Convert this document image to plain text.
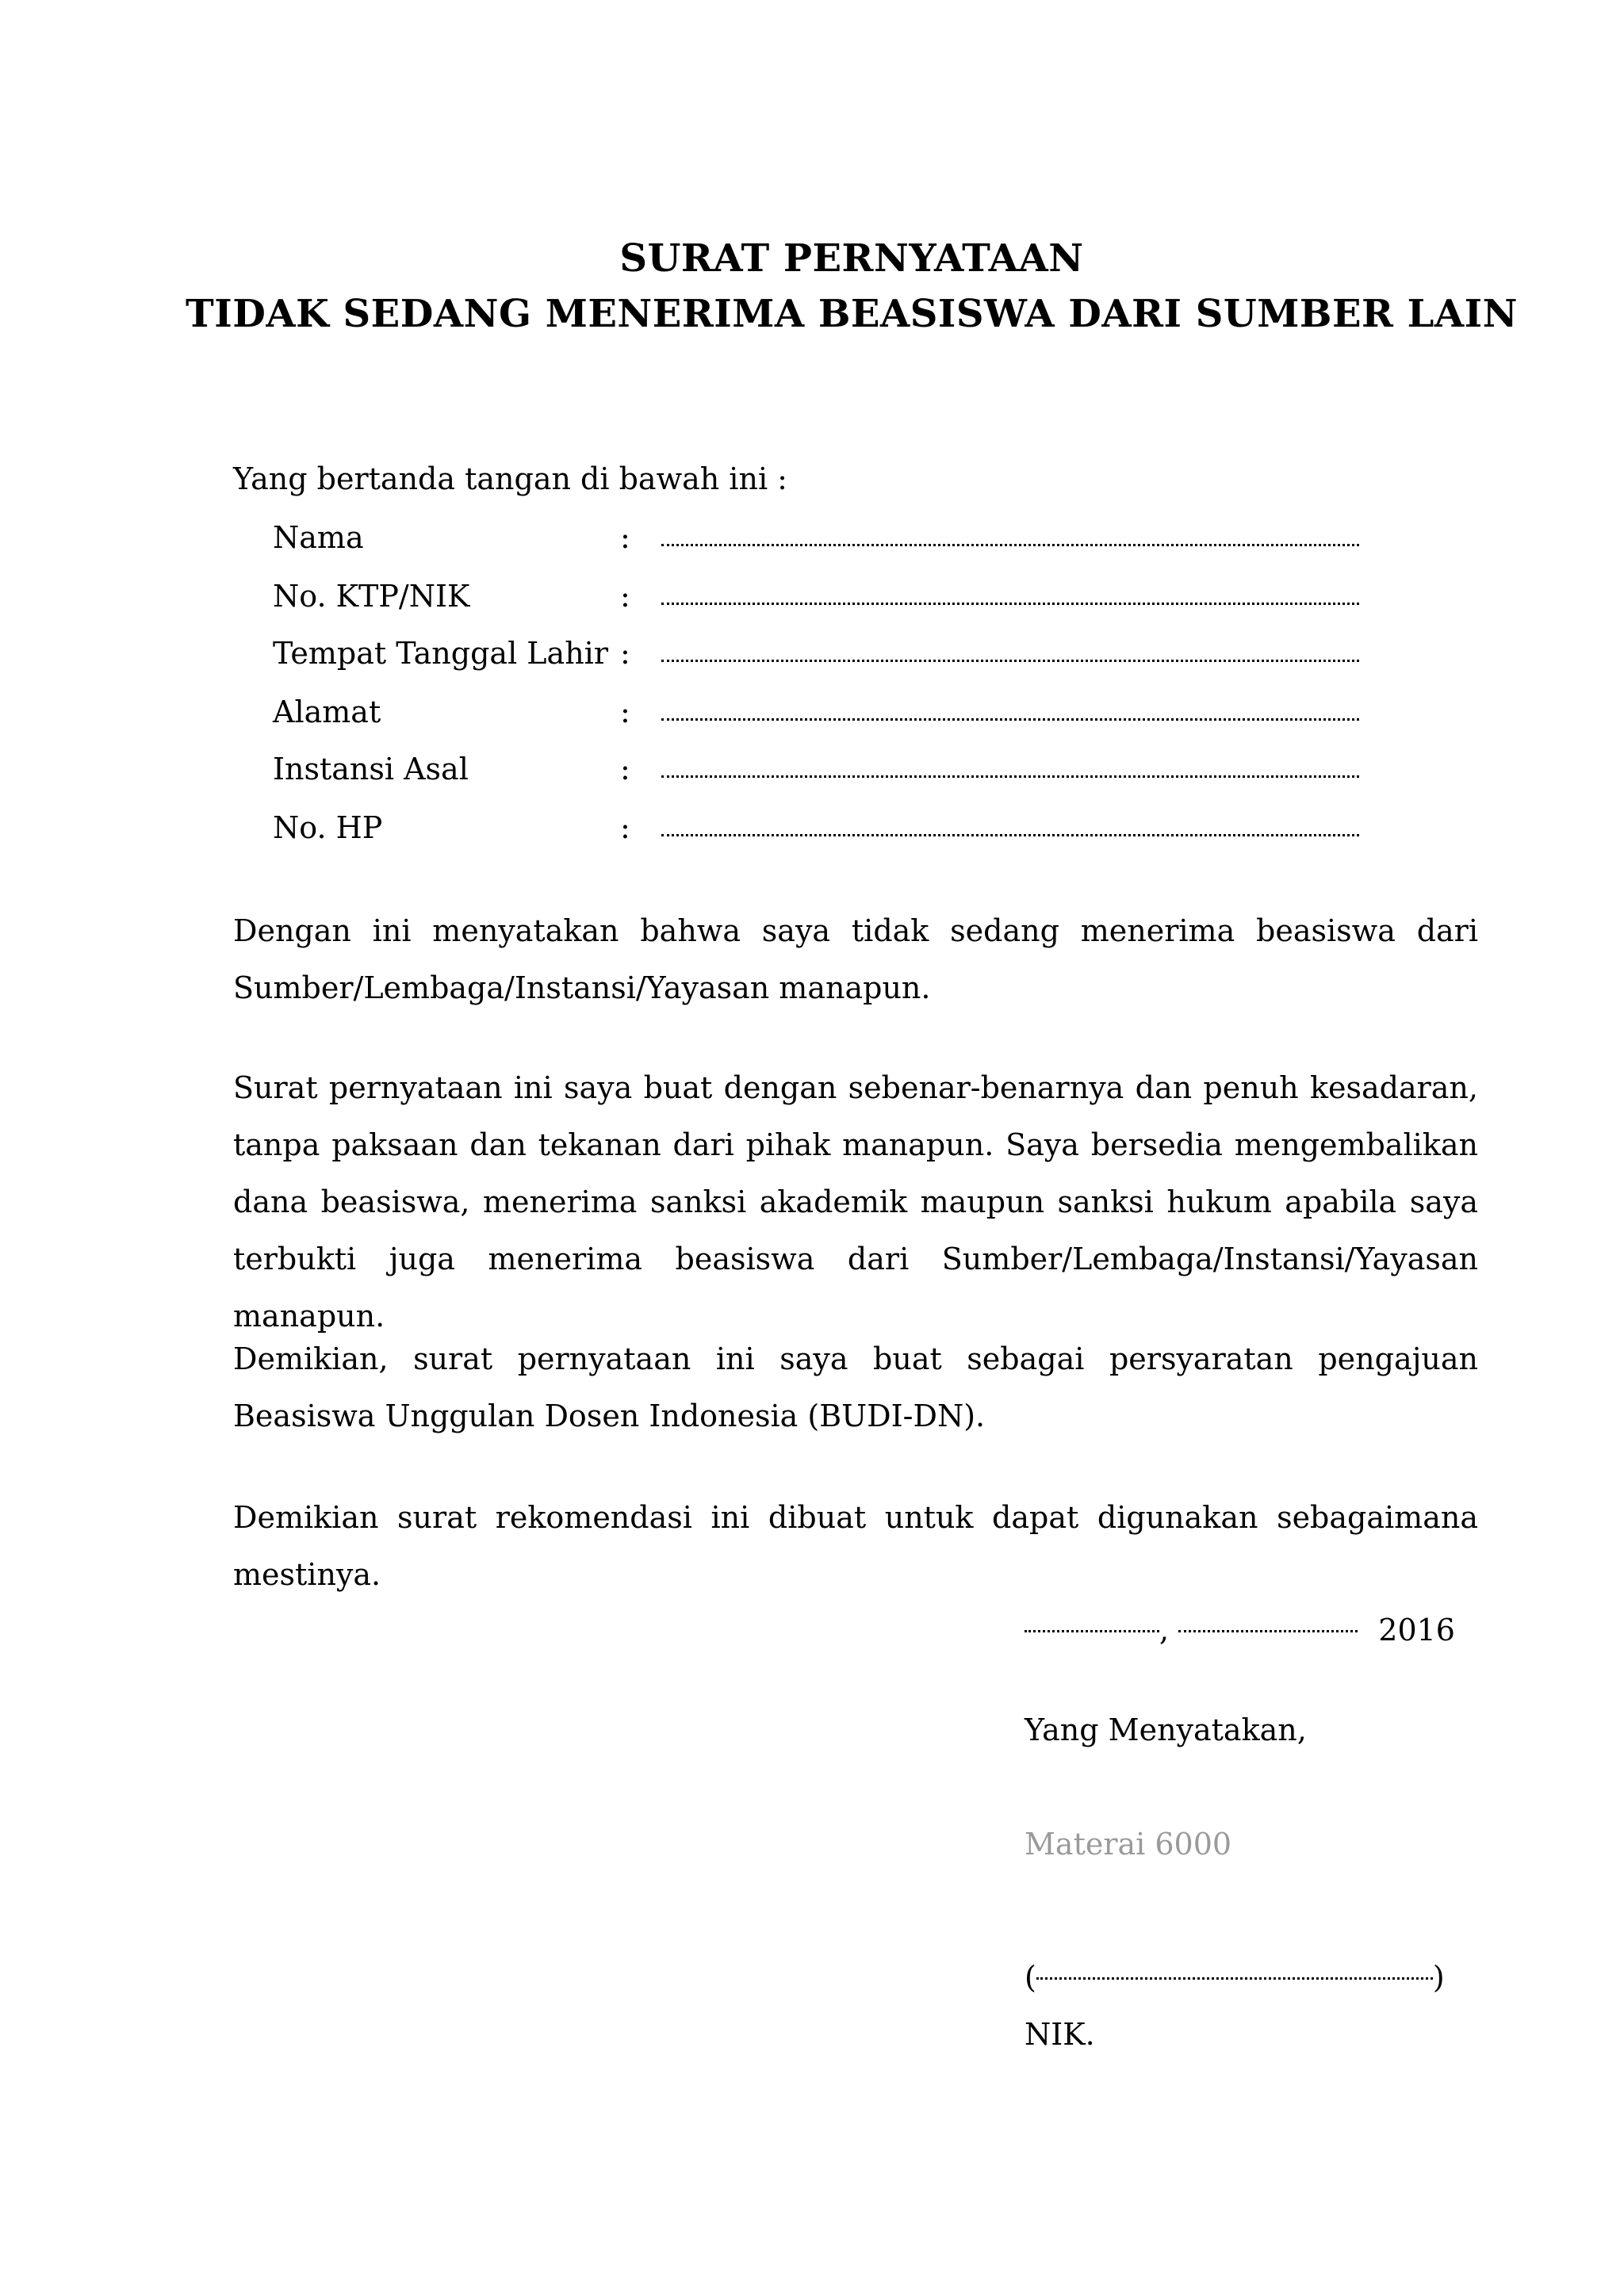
SURAT PERNYATAAN
TIDAK SEDANG MENERIMA BEASISWA DARI SUMBER LAIN
Yang bertanda tangan di bawah ini :
Nama	:
No. KTP/NIK	:
Tempat Tanggal Lahir :
Alamat	:
Instansi Asal	:
No. HP	:
Dengan ini menyatakan bahwa saya tidak sedang menerima beasiswa dari Sumber/Lembaga/Instansi/Yayasan manapun.
Surat pernyataan ini saya buat dengan sebenar-benarnya dan penuh kesadaran, tanpa paksaan dan tekanan dari pihak manapun. Saya bersedia mengembalikan dana beasiswa, menerima sanksi akademik maupun sanksi hukum apabila saya terbukti juga menerima beasiswa dari Sumber/Lembaga/Instansi/Yayasan manapun.
Demikian, surat pernyataan ini saya buat sebagai persyaratan pengajuan Beasiswa Unggulan Dosen Indonesia (BUDI-DN).
Demikian surat rekomendasi ini dibuat untuk dapat digunakan sebagaimana mestinya.
,	2016
Yang Menyatakan,
Materai 6000
(	)
NIK.
